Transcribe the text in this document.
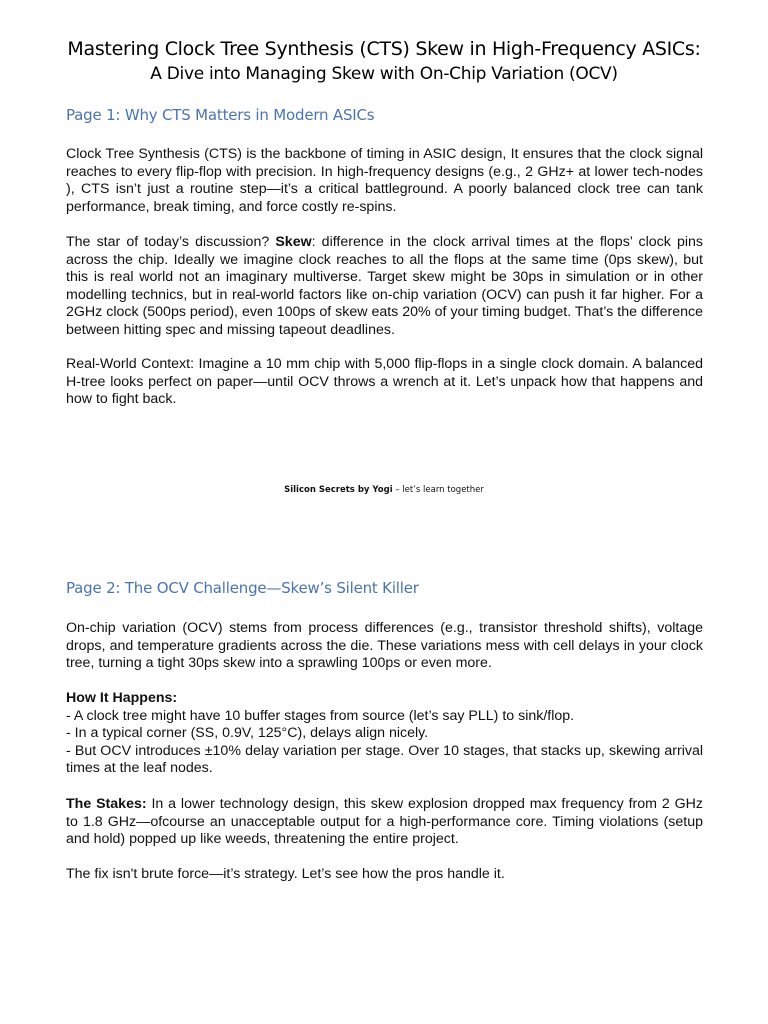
Mastering Clock Tree Synthesis (CTS) Skew in High-Frequency ASICs:
A Dive into Managing Skew with On-Chip Variation (OCV)
Page 1: Why CTS Matters in Modern ASICs
Clock Tree Synthesis (CTS) is the backbone of timing in ASIC design, It ensures that the clock signal reaches to every flip-flop with precision. In high-frequency designs (e.g., 2 GHz+ at lower tech-nodes ), CTS isn’t just a routine step—it’s a critical battleground. A poorly balanced clock tree can tank performance, break timing, and force costly re-spins.
The star of today’s discussion? Skew: difference in the clock arrival times at the flops’ clock pins across the chip. Ideally we imagine clock reaches to all the flops at the same time (0ps skew), but this is real world not an imaginary multiverse. Target skew might be 30ps in simulation or in other modelling technics, but in real-world factors like on-chip variation (OCV) can push it far higher. For a 2GHz clock (500ps period), even 100ps of skew eats 20% of your timing budget. That’s the difference between hitting spec and missing tapeout deadlines.
Real-World Context: Imagine a 10 mm chip with 5,000 flip-flops in a single clock domain. A balanced H-tree looks perfect on paper—until OCV throws a wrench at it. Let’s unpack how that happens and how to fight back.
Silicon Secrets by Yogi – let’s learn together
Page 2: The OCV Challenge—Skew’s Silent Killer
On-chip variation (OCV) stems from process differences (e.g., transistor threshold shifts), voltage drops, and temperature gradients across the die. These variations mess with cell delays in your clock tree, turning a tight 30ps skew into a sprawling 100ps or even more.
How It Happens:
- A clock tree might have 10 buffer stages from source (let’s say PLL) to sink/flop.
- In a typical corner (SS, 0.9V, 125°C), delays align nicely.
- But OCV introduces ±10% delay variation per stage. Over 10 stages, that stacks up, skewing arrival times at the leaf nodes.
The Stakes: In a lower technology design, this skew explosion dropped max frequency from 2 GHz to 1.8 GHz—ofcourse an unacceptable output for a high-performance core. Timing violations (setup and hold) popped up like weeds, threatening the entire project.
The fix isn't brute force—it’s strategy. Let’s see how the pros handle it.
